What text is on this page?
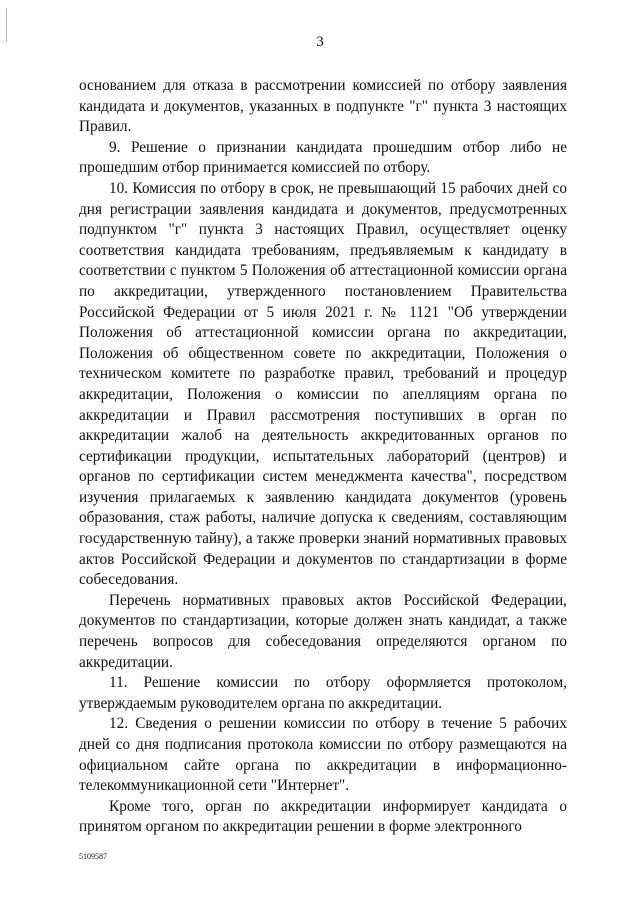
3

основанием для отказа в рассмотрении комиссией по отбору заявления кандидата и документов, указанных в подпункте "г" пункта 3 настоящих Правил.

9. Решение о признании кандидата прошедшим отбор либо не прошедшим отбор принимается комиссией по отбору.

10. Комиссия по отбору в срок, не превышающий 15 рабочих дней со дня регистрации заявления кандидата и документов, предусмотренных подпунктом "г" пункта 3 настоящих Правил, осуществляет оценку соответствия кандидата требованиям, предъявляемым к кандидату в соответствии с пунктом 5 Положения об аттестационной комиссии органа по аккредитации, утвержденного постановлением Правительства Российской Федерации от 5 июля 2021 г. № 1121 "Об утверждении Положения об аттестационной комиссии органа по аккредитации, Положения об общественном совете по аккредитации, Положения о техническом комитете по разработке правил, требований и процедур аккредитации, Положения о комиссии по апелляциям органа по аккредитации и Правил рассмотрения поступивших в орган по аккредитации жалоб на деятельность аккредитованных органов по сертификации продукции, испытательных лабораторий (центров) и органов по сертификации систем менеджмента качества", посредством изучения прилагаемых к заявлению кандидата документов (уровень образования, стаж работы, наличие допуска к сведениям, составляющим государственную тайну), а также проверки знаний нормативных правовых актов Российской Федерации и документов по стандартизации в форме собеседования.

Перечень нормативных правовых актов Российской Федерации, документов по стандартизации, которые должен знать кандидат, а также перечень вопросов для собеседования определяются органом по аккредитации.

11. Решение комиссии по отбору оформляется протоколом, утверждаемым руководителем органа по аккредитации.

12. Сведения о решении комиссии по отбору в течение 5 рабочих дней со дня подписания протокола комиссии по отбору размещаются на официальном сайте органа по аккредитации в информационно-телекоммуникационной сети "Интернет".

Кроме того, орган по аккредитации информирует кандидата о принятом органом по аккредитации решении в форме электронного

5109587
